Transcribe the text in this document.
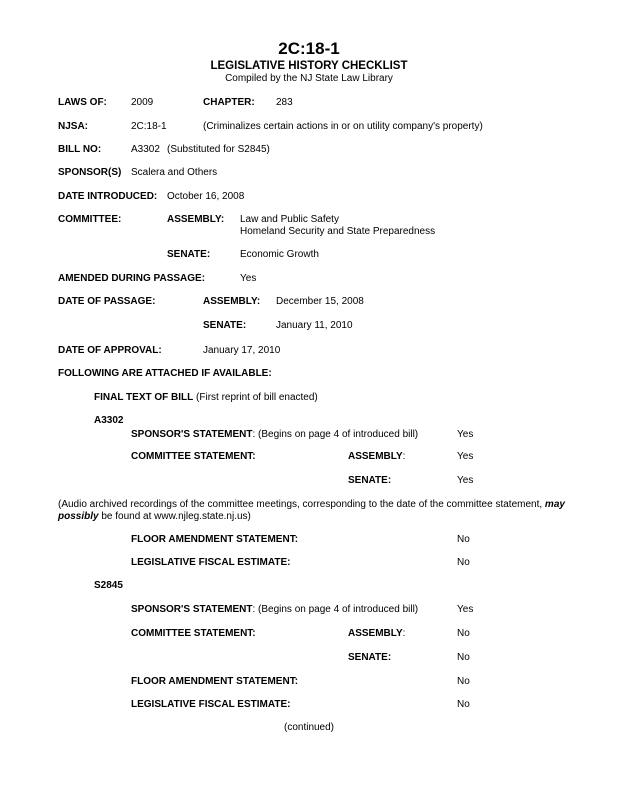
2C:18-1
LEGISLATIVE HISTORY CHECKLIST
Compiled by the NJ State Law Library
LAWS OF: 2009	CHAPTER: 283
NJSA:	2C:18-1	(Criminalizes certain actions in or on utility company's property)
BILL NO:	A3302 (Substituted for S2845)
SPONSOR(S) Scalera and Others
DATE INTRODUCED: October 16, 2008
COMMITTEE:	ASSEMBLY: Law and Public Safety
Homeland Security and State Preparedness
SENATE:	Economic Growth
AMENDED DURING PASSAGE:	Yes
DATE OF PASSAGE:	ASSEMBLY: December 15, 2008
SENATE:	January 11, 2010
DATE OF APPROVAL:	January 17, 2010
FOLLOWING ARE ATTACHED IF AVAILABLE:
FINAL TEXT OF BILL (First reprint of bill enacted)
A3302
SPONSOR'S STATEMENT: (Begins on page 4 of introduced bill)	Yes
COMMITTEE STATEMENT:	ASSEMBLY:	Yes
SENATE:	Yes
(Audio archived recordings of the committee meetings, corresponding to the date of the committee statement, may possibly be found at www.njleg.state.nj.us)
FLOOR AMENDMENT STATEMENT:	No
LEGISLATIVE FISCAL ESTIMATE:	No
S2845
SPONSOR'S STATEMENT: (Begins on page 4 of introduced bill)	Yes
COMMITTEE STATEMENT:	ASSEMBLY:	No
SENATE:	No
FLOOR AMENDMENT STATEMENT:	No
LEGISLATIVE FISCAL ESTIMATE:	No
(continued)
